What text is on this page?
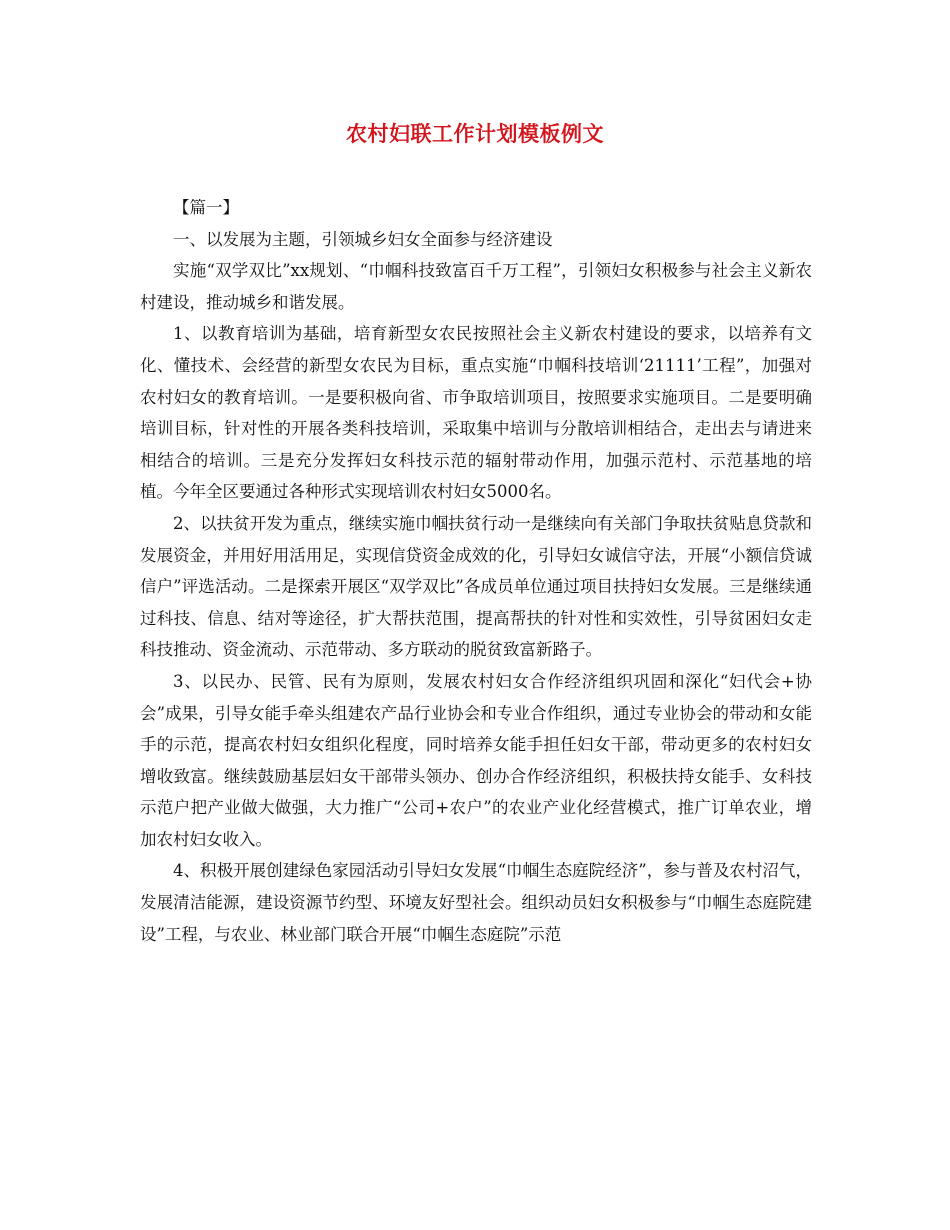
农村妇联工作计划模板例文

【篇一】

一、以发展为主题，引领城乡妇女全面参与经济建设

实施“双学双比”xx规划、“巾帼科技致富百千万工程”，引领妇女积极参与社会主义新农村建设，推动城乡和谐发展。

1、以教育培训为基础，培育新型女农民按照社会主义新农村建设的要求，以培养有文化、懂技术、会经营的新型女农民为目标，重点实施“巾帼科技培训‘21111’工程”，加强对农村妇女的教育培训。一是要积极向省、市争取培训项目，按照要求实施项目。二是要明确培训目标，针对性的开展各类科技培训，采取集中培训与分散培训相结合，走出去与请进来相结合的培训。三是充分发挥妇女科技示范的辐射带动作用，加强示范村、示范基地的培植。今年全区要通过各种形式实现培训农村妇女5000名。

2、以扶贫开发为重点，继续实施巾帼扶贫行动一是继续向有关部门争取扶贫贴息贷款和发展资金，并用好用活用足，实现信贷资金成效的化，引导妇女诚信守法，开展“小额信贷诚信户”评选活动。二是探索开展区“双学双比”各成员单位通过项目扶持妇女发展。三是继续通过科技、信息、结对等途径，扩大帮扶范围，提高帮扶的针对性和实效性，引导贫困妇女走科技推动、资金流动、示范带动、多方联动的脱贫致富新路子。

3、以民办、民管、民有为原则，发展农村妇女合作经济组织巩固和深化“妇代会+协会”成果，引导女能手牵头组建农产品行业协会和专业合作组织，通过专业协会的带动和女能手的示范，提高农村妇女组织化程度，同时培养女能手担任妇女干部，带动更多的农村妇女增收致富。继续鼓励基层妇女干部带头领办、创办合作经济组织，积极扶持女能手、女科技示范户把产业做大做强，大力推广“公司+农户”的农业产业化经营模式，推广订单农业，增加农村妇女收入。

4、积极开展创建绿色家园活动引导妇女发展“巾帼生态庭院经济”，参与普及农村沼气，发展清洁能源，建设资源节约型、环境友好型社会。组织动员妇女积极参与“巾帼生态庭院建设”工程，与农业、林业部门联合开展“巾帼生态庭院”示范
